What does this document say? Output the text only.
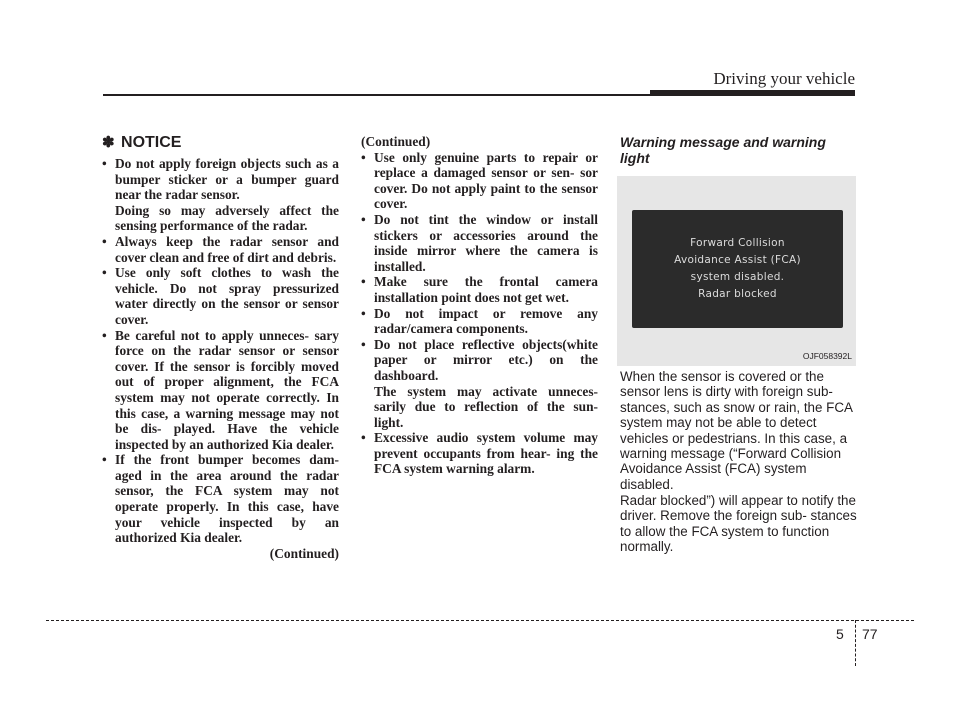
Driving your vehicle
✽ NOTICE
• Do not apply foreign objects such as a bumper sticker or a bumper guard near the radar sensor.
Doing so may adversely affect the sensing performance of the radar.
• Always keep the radar sensor and cover clean and free of dirt and debris.
• Use only soft clothes to wash the vehicle. Do not spray pressurized water directly on the sensor or sensor cover.
• Be careful not to apply unneces- sary force on the radar sensor or sensor cover. If the sensor is forcibly moved out of proper alignment, the FCA system may not operate correctly. In this case, a warning message may not be dis- played. Have the vehicle inspected by an authorized Kia dealer.
• If the front bumper becomes dam- aged in the area around the radar sensor, the FCA system may not operate properly. In this case, have your vehicle inspected by an authorized Kia dealer.
(Continued)
(Continued)
• Use only genuine parts to repair or replace a damaged sensor or sen- sor cover. Do not apply paint to the sensor cover.
• Do not tint the window or install stickers or accessories around the inside mirror where the camera is installed.
• Make sure the frontal camera installation point does not get wet.
• Do not impact or remove any radar/camera components.
• Do not place reflective objects(white paper or mirror etc.) on the dashboard.
The system may activate unneces- sarily due to reflection of the sun- light.
• Excessive audio system volume may prevent occupants from hear- ing the FCA system warning alarm.
Warning message and warning light
Forward Collision
Avoidance Assist (FCA)
system disabled.
Radar blocked
OJF058392L

When the sensor is covered or the sensor lens is dirty with foreign sub- stances, such as snow or rain, the FCA system may not be able to detect vehicles or pedestrians. In this case, a warning message (“Forward Collision Avoidance Assist (FCA) system disabled.

Radar blocked”) will appear to notify the driver. Remove the foreign sub- stances to allow the FCA system to function normally.

5 77
